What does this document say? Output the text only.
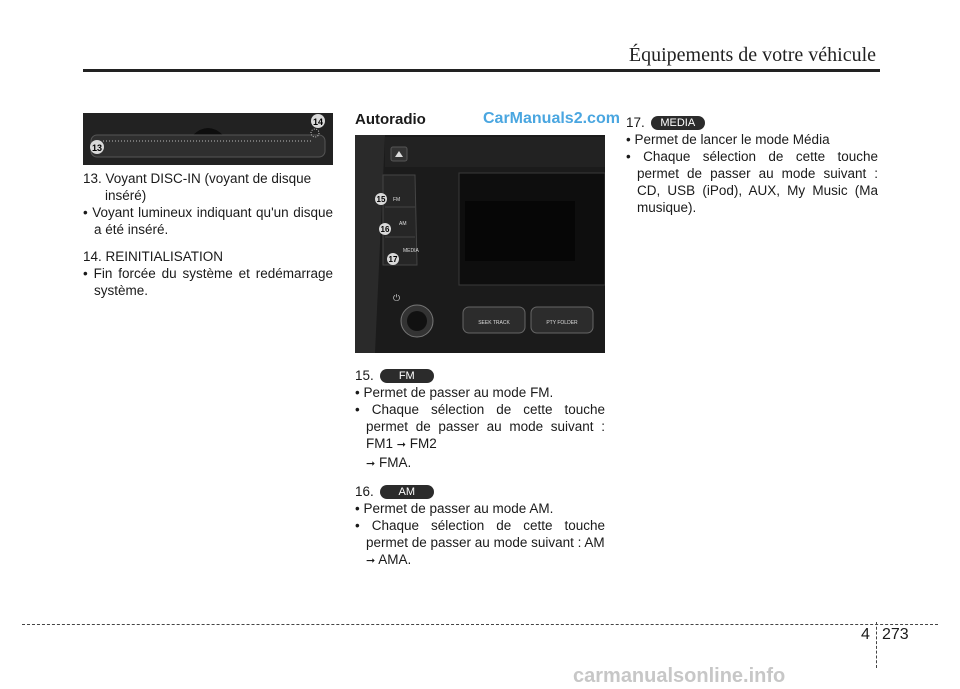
Équipements de votre véhicule
13
14

13. Voyant DISC-IN (voyant de disque inséré)

• Voyant lumineux indiquant qu'un disque a été inséré.

14. REINITIALISATION

• Fin forcée du système et redémarrage système.

Autoradio	CarManuals2.com
15 FM
16
AM
17
MEDIA
⏻
SEEK TRACK	PTY FOLDER

15.	FM

• Permet de passer au mode FM.

• Chaque sélection de cette touche permet de passer au mode suivant : FM1 ➞ FM2
➞ FMA.

16.	AM

• Permet de passer au mode AM.

• Chaque sélection de cette touche permet de passer au mode suivant : AM
➞ AMA.

17.	MEDIA

• Permet de lancer le mode Média

• Chaque sélection de cette touche permet de passer au mode suivant : CD, USB (iPod), AUX, My Music (Ma musique).

4 273
carmanualsonline.info
